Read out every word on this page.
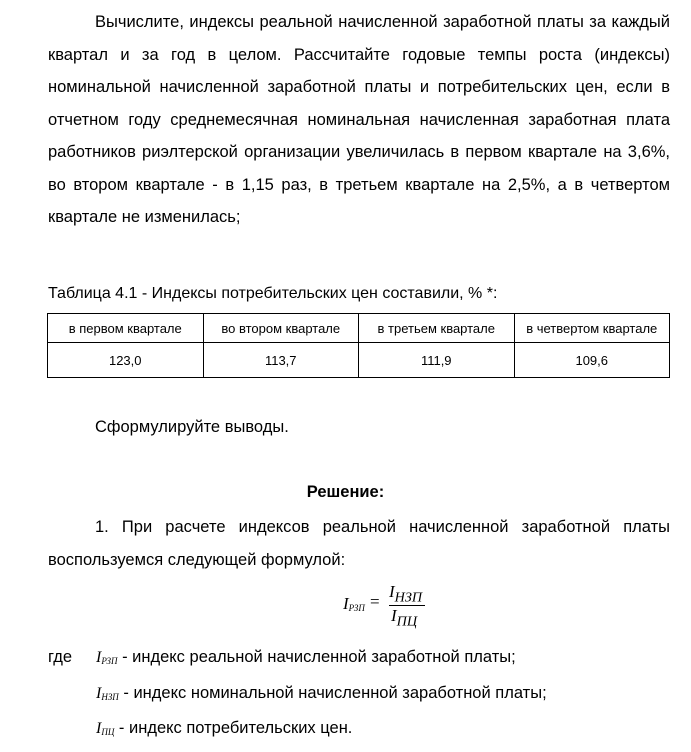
Вычислите, индексы реальной начисленной заработной платы за каждый квартал и за год в целом. Рассчитайте годовые темпы роста (индексы) номинальной начисленной заработной платы и потребительских цен, если в отчетном году среднемесячная номинальная начисленная заработная плата работников риэлтерской организации увеличилась в первом квартале на 3,6%, во втором квартале - в 1,15 раз, в третьем квартале на 2,5%, а в четвертом квартале не изменилась;
Таблица 4.1 - Индексы потребительских цен составили, % *:
в первом квартале	во втором квартале	в третьем квартале	в четвертом квартале
123,0	113,7	111,9	109,6
Сформулируйте выводы.
Решение:
1. При расчете индексов реальной начисленной заработной платы воспользуемся следующей формулой:
$I_{РЗП}$ =
$I_{НЗП}$
$I_{ПЦ}$
где $I_{РЗП}$ - индекс реальной начисленной заработной платы;
$I_{НЗП}$ - индекс номинальной начисленной заработной платы;
$I_{ПЦ}$ - индекс потребительских цен.
